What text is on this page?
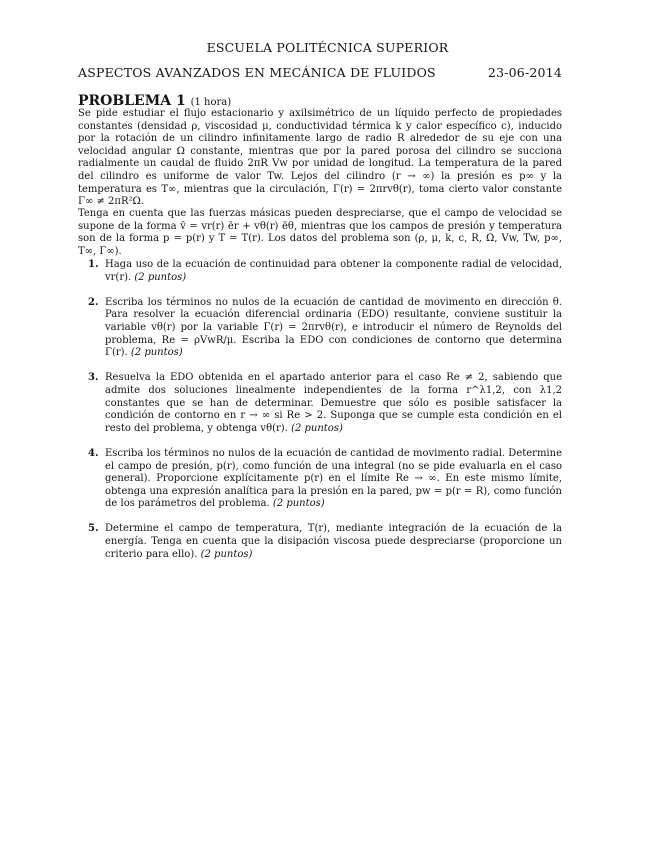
ESCUELA POLITÉCNICA SUPERIOR
ASPECTOS AVANZADOS EN MECÁNICA DE FLUIDOS	23-06-2014
PROBLEMA 1 (1 hora)
Se pide estudiar el flujo estacionario y axilsimétrico de un líquido perfecto de propiedades constantes (densidad ρ, viscosidad μ, conductividad térmica k y calor específico c), inducido por la rotación de un cilindro infinitamente largo de radio R alrededor de su eje con una velocidad angular Ω constante, mientras que por la pared porosa del cilindro se succiona radialmente un caudal de fluido 2πR Vw por unidad de longitud. La temperatura de la pared del cilindro es uniforme de valor Tw. Lejos del cilindro (r → ∞) la presión es p∞ y la temperatura es T∞, mientras que la circulación, Γ(r) = 2πrvθ(r), toma cierto valor constante Γ∞ ≠ 2πR²Ω.
Tenga en cuenta que las fuerzas másicas pueden despreciarse, que el campo de velocidad se supone de la forma v̄ = vr(r) ēr + vθ(r) ēθ, mientras que los campos de presión y temperatura son de la forma p = p(r) y T = T(r). Los datos del problema son (ρ, μ, k, c, R, Ω, Vw, Tw, p∞, T∞, Γ∞).
1. Haga uso de la ecuación de continuidad para obtener la componente radial de velocidad, vr(r). (2 puntos)
2. Escriba los términos no nulos de la ecuación de cantidad de movimento en dirección θ. Para resolver la ecuación diferencial ordinaria (EDO) resultante, conviene sustituir la variable vθ(r) por la variable Γ(r) = 2πrvθ(r), e introducir el número de Reynolds del problema, Re = ρVwR/μ. Escriba la EDO con condiciones de contorno que determina Γ(r). (2 puntos)
3. Resuelva la EDO obtenida en el apartado anterior para el caso Re ≠ 2, sabiendo que admite dos soluciones linealmente independientes de la forma r^λ1,2, con λ1,2 constantes que se han de determinar. Demuestre que sólo es posible satisfacer la condición de contorno en r → ∞ si Re > 2. Suponga que se cumple esta condición en el resto del problema, y obtenga vθ(r). (2 puntos)
4. Escriba los términos no nulos de la ecuación de cantidad de movimento radial. Determine el campo de presión, p(r), como función de una integral (no se pide evaluarla en el caso general). Proporcione explícitamente p(r) en el límite Re → ∞. En este mismo límite, obtenga una expresión analítica para la presión en la pared, pw = p(r = R), como función de los parámetros del problema. (2 puntos)
5. Determine el campo de temperatura, T(r), mediante integración de la ecuación de la energía. Tenga en cuenta que la disipación viscosa puede despreciarse (proporcione un criterio para ello). (2 puntos)
